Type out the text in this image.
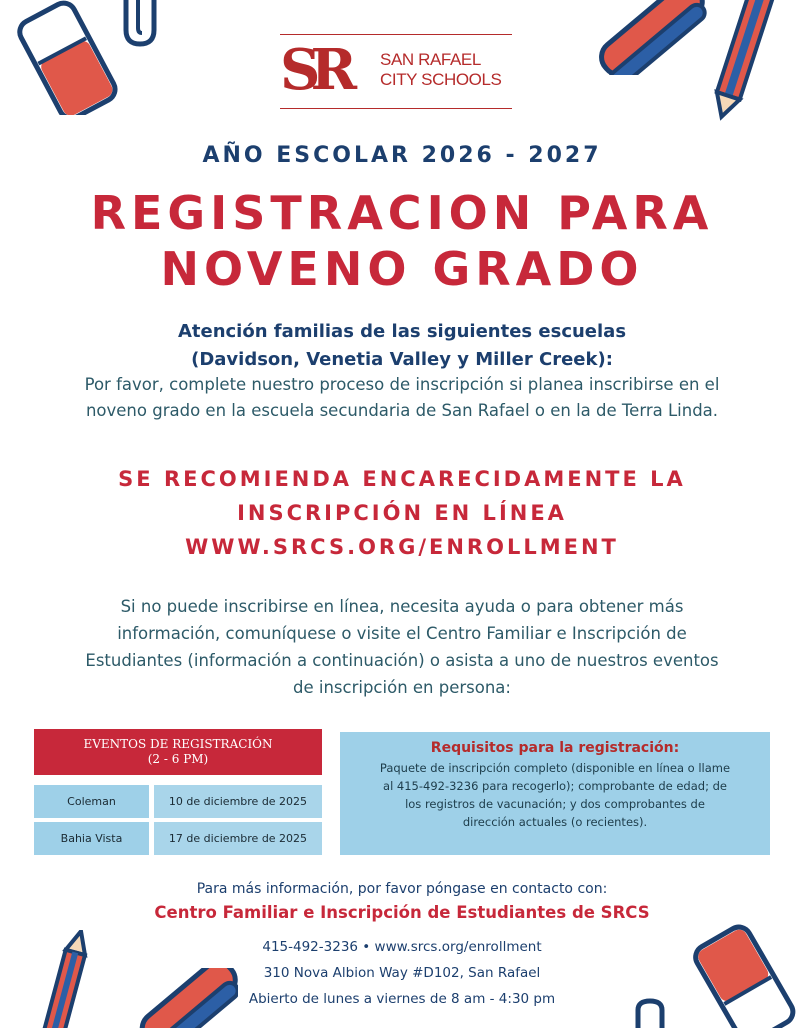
SR SAN RAFAEL
CITY SCHOOLS
AÑO ESCOLAR 2026 - 2027
REGISTRACION PARA
NOVENO GRADO
Atención familias de las siguientes escuelas
(Davidson, Venetia Valley y Miller Creek):
Por favor, complete nuestro proceso de inscripción si planea inscribirse en el
noveno grado en la escuela secundaria de San Rafael o en la de Terra Linda.
SE RECOMIENDA ENCARECIDAMENTE LA
INSCRIPCIÓN EN LÍNEA
WWW.SRCS.ORG/ENROLLMENT
Si no puede inscribirse en línea, necesita ayuda o para obtener más
información, comuníquese o visite el Centro Familiar e Inscripción de
Estudiantes (información a continuación) o asista a uno de nuestros eventos
de inscripción en persona:
EVENTOS DE REGISTRACIÓN
(2 - 6 PM)
Coleman	10 de diciembre de 2025
Bahia Vista	17 de diciembre de 2025
Requisitos para la registración:
Paquete de inscripción completo (disponible en línea o llame
al 415-492-3236 para recogerlo); comprobante de edad; de
los registros de vacunación; y dos comprobantes de
dirección actuales (o recientes).
Para más información, por favor póngase en contacto con:
Centro Familiar e Inscripción de Estudiantes de SRCS
415-492-3236 • www.srcs.org/enrollment
310 Nova Albion Way #D102, San Rafael
Abierto de lunes a viernes de 8 am - 4:30 pm
